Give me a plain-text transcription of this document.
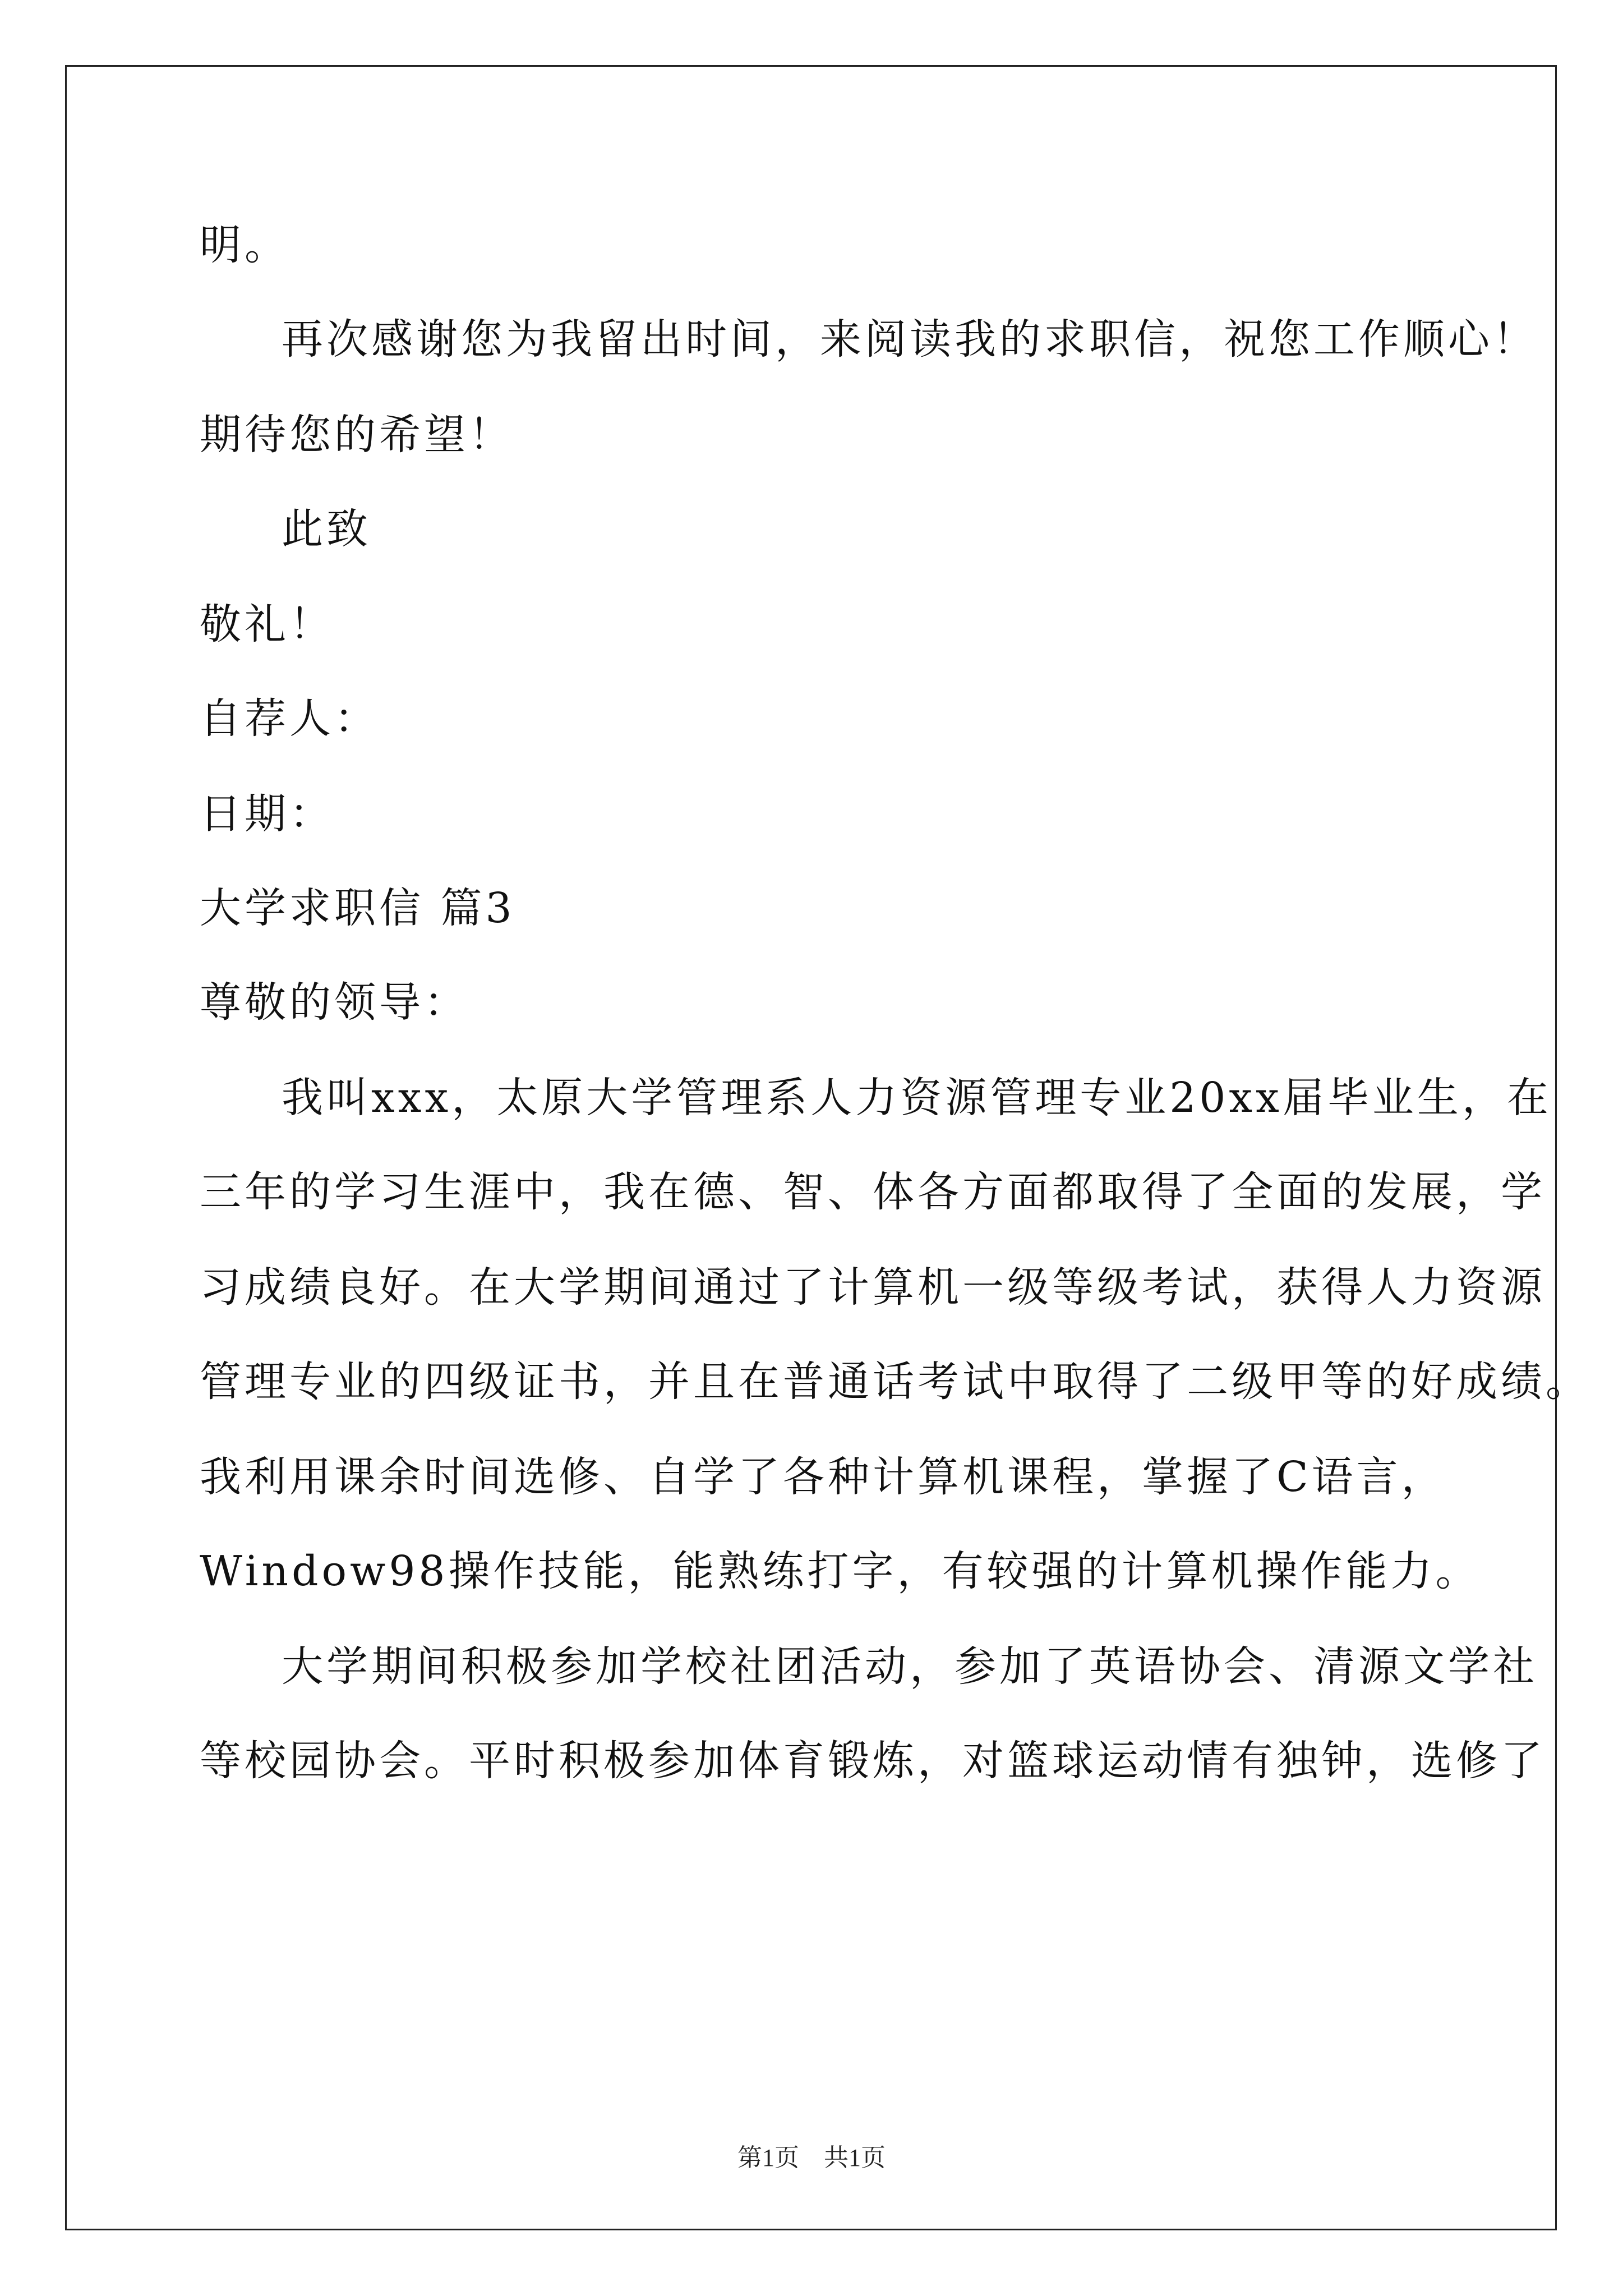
明。
再次感谢您为我留出时间，来阅读我的求职信，祝您工作顺心！
期待您的希望！
此致
敬礼！
自荐人：
日期：
大学求职信 篇3
尊敬的领导：
我叫xxx，太原大学管理系人力资源管理专业20xx届毕业生，在
三年的学习生涯中，我在德、智、体各方面都取得了全面的发展，学
习成绩良好。在大学期间通过了计算机一级等级考试，获得人力资源
管理专业的四级证书，并且在普通话考试中取得了二级甲等的好成绩。
我利用课余时间选修、自学了各种计算机课程，掌握了C语言，
Window98操作技能，能熟练打字，有较强的计算机操作能力。
大学期间积极参加学校社团活动，参加了英语协会、清源文学社
等校园协会。平时积极参加体育锻炼，对篮球运动情有独钟，选修了
第1页　共1页
